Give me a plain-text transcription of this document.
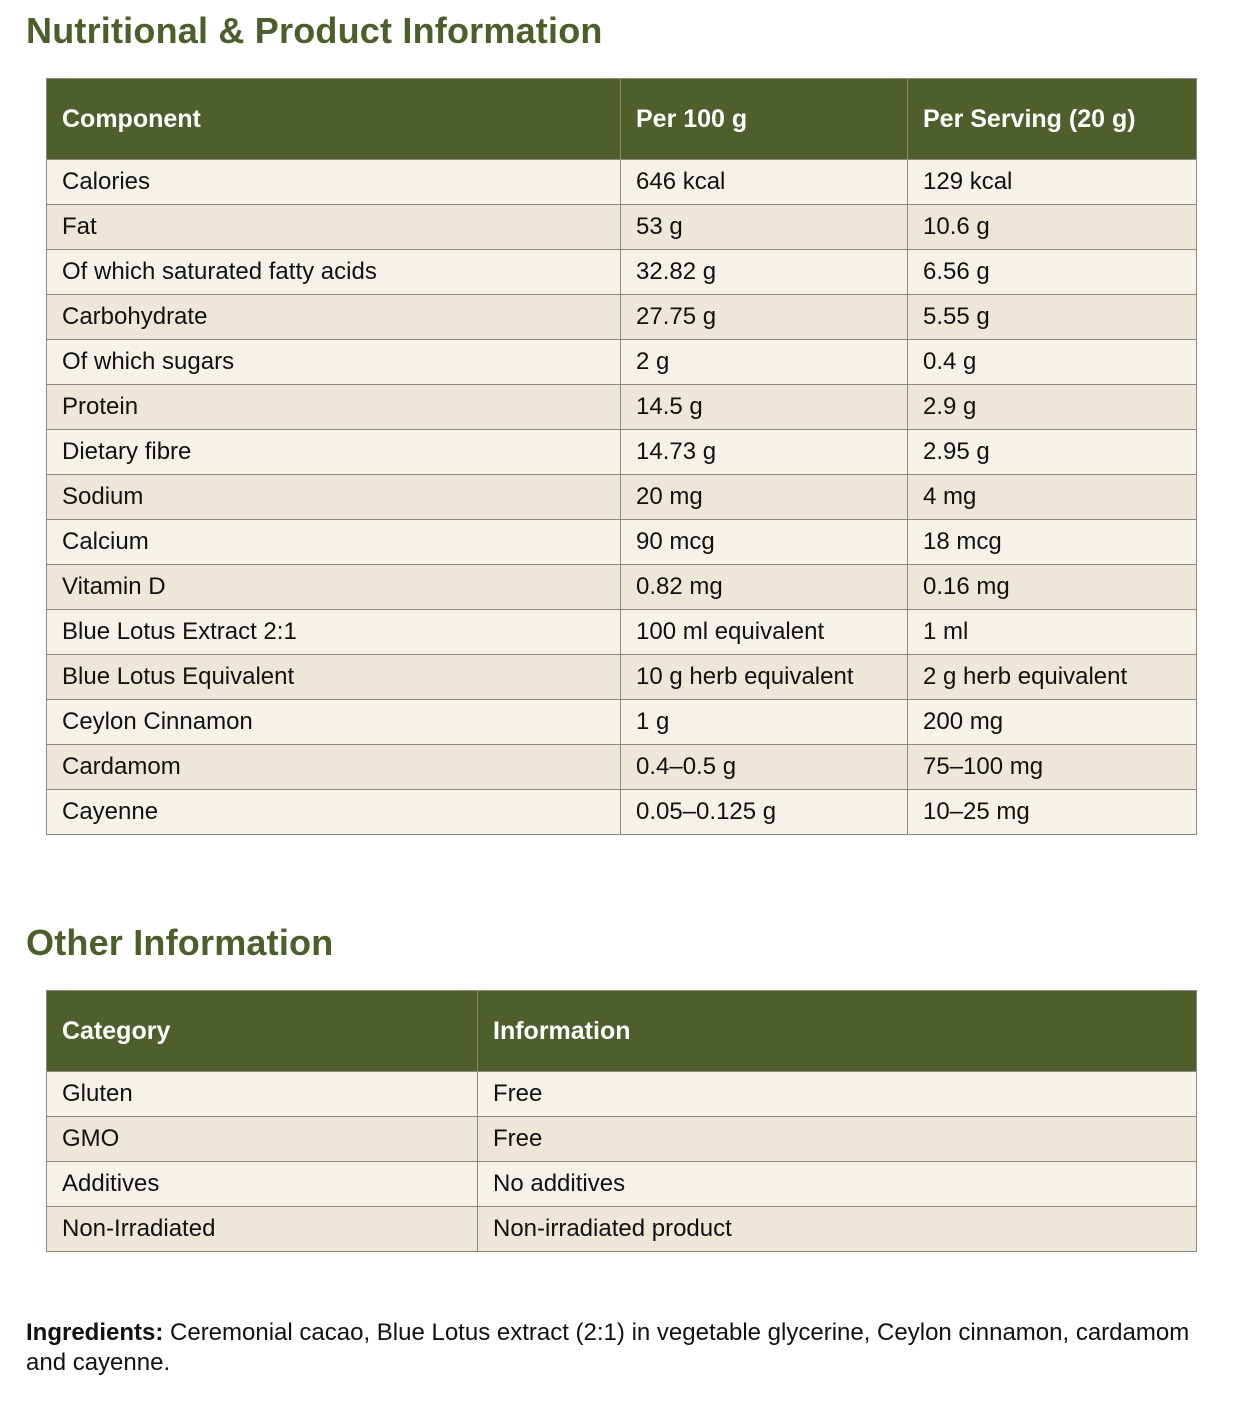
Nutritional & Product Information
Component	Per 100 g	Per Serving (20 g)
Calories	646 kcal	129 kcal
Fat	53 g	10.6 g
Of which saturated fatty acids	32.82 g	6.56 g
Carbohydrate	27.75 g	5.55 g
Of which sugars	2 g	0.4 g
Protein	14.5 g	2.9 g
Dietary fibre	14.73 g	2.95 g
Sodium	20 mg	4 mg
Calcium	90 mcg	18 mcg
Vitamin D	0.82 mg	0.16 mg
Blue Lotus Extract 2:1	100 ml equivalent	1 ml
Blue Lotus Equivalent	10 g herb equivalent	2 g herb equivalent
Ceylon Cinnamon	1 g	200 mg
Cardamom	0.4–0.5 g	75–100 mg
Cayenne	0.05–0.125 g	10–25 mg
Other Information
Category	Information
Gluten	Free
GMO	Free
Additives	No additives
Non-Irradiated	Non-irradiated product

Ingredients: Ceremonial cacao, Blue Lotus extract (2:1) in vegetable glycerine, Ceylon cinnamon, cardamom and cayenne.
